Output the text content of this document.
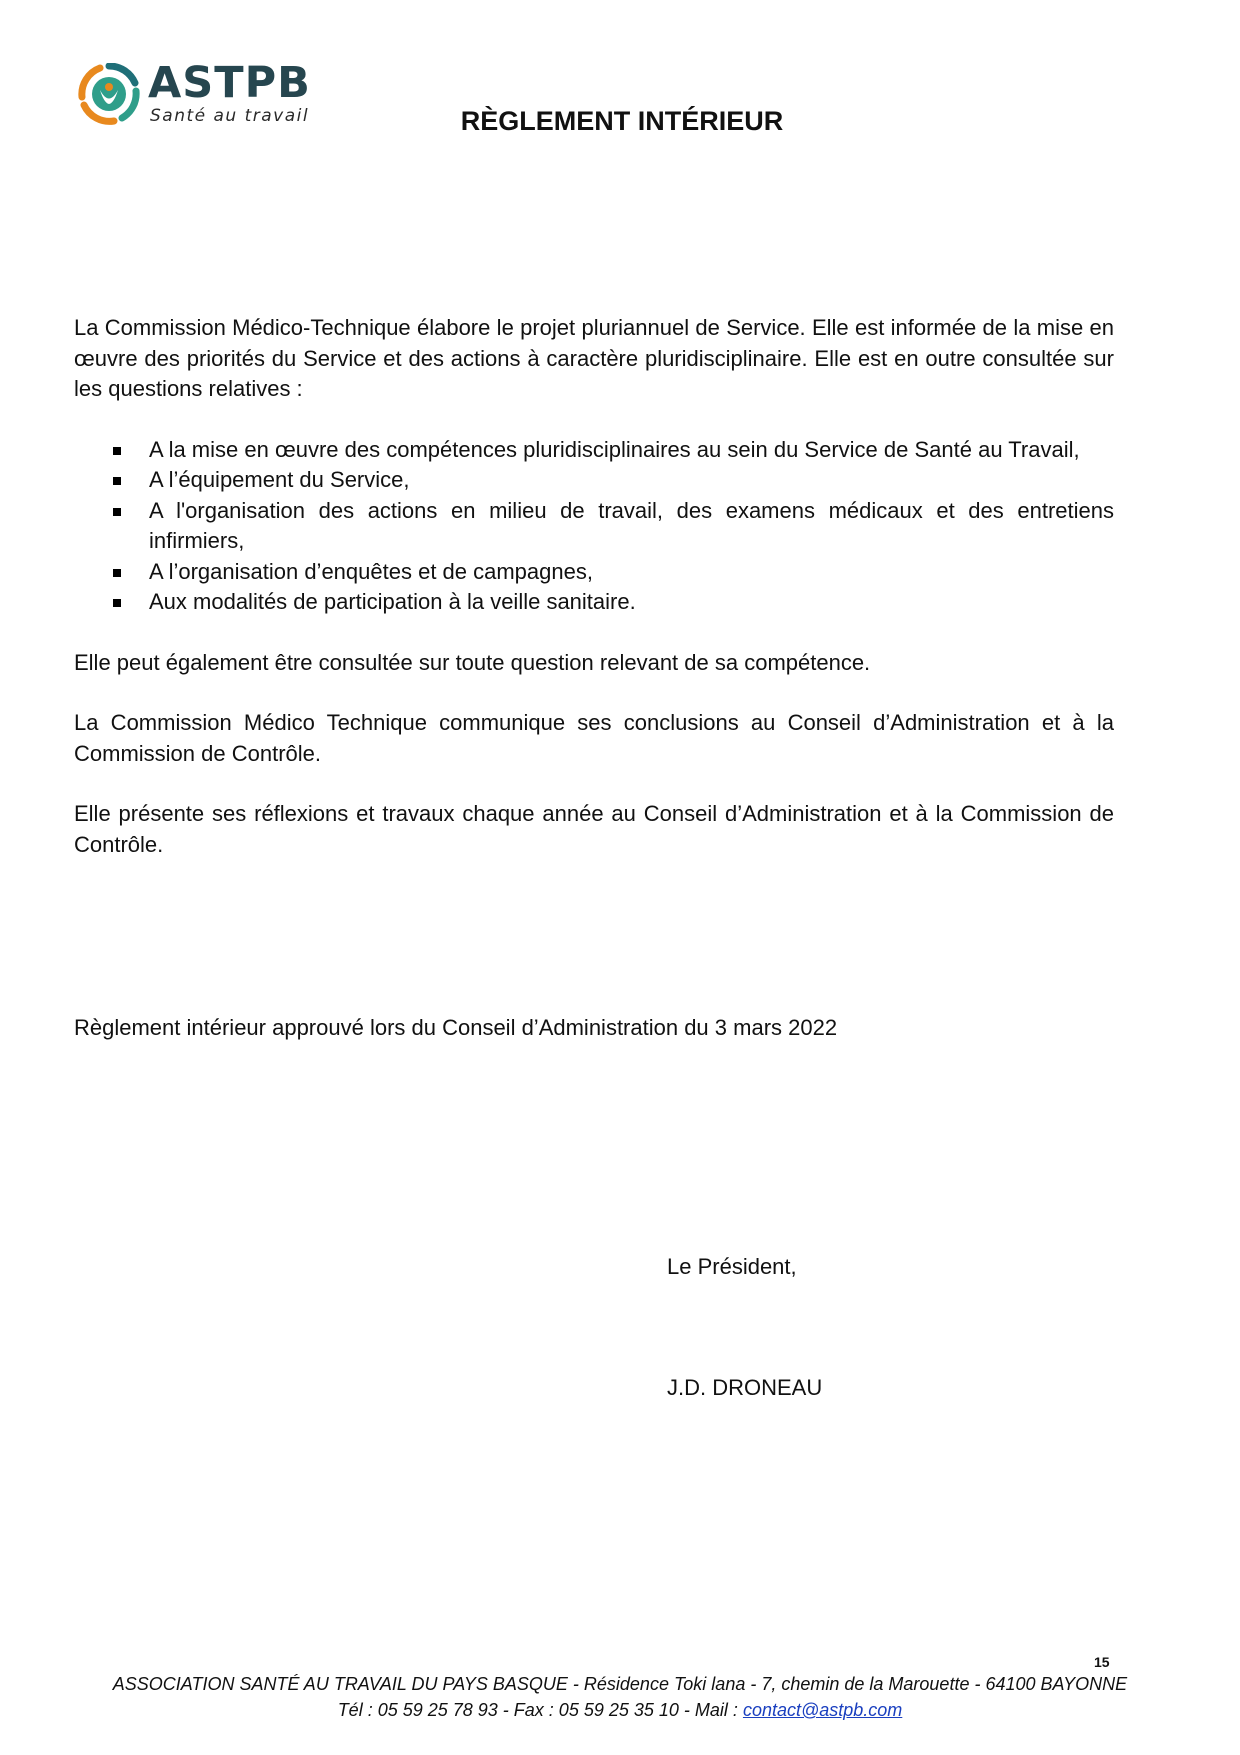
ASTPB
Santé au travail	RÈGLEMENT INTÉRIEUR

La Commission Médico-Technique élabore le projet pluriannuel de Service. Elle est informée de la mise en œuvre des priorités du Service et des actions à caractère pluridisciplinaire. Elle est en outre consultée sur les questions relatives :

A la mise en œuvre des compétences pluridisciplinaires au sein du Service de Santé au Travail,
A l’équipement du Service,
A l'organisation des actions en milieu de travail, des examens médicaux et des entretiens infirmiers,
A l’organisation d’enquêtes et de campagnes,
Aux modalités de participation à la veille sanitaire.

Elle peut également être consultée sur toute question relevant de sa compétence.

La Commission Médico Technique communique ses conclusions au Conseil d’Administration et à la Commission de Contrôle.

Elle présente ses réflexions et travaux chaque année au Conseil d’Administration et à la Commission de Contrôle.

Règlement intérieur approuvé lors du Conseil d’Administration du 3 mars 2022
Le Président,
J.D. DRONEAU
15
ASSOCIATION SANTÉ AU TRAVAIL DU PAYS BASQUE - Résidence Toki lana - 7, chemin de la Marouette - 64100 BAYONNE
Tél : 05 59 25 78 93 - Fax : 05 59 25 35 10 - Mail : contact@astpb.com
